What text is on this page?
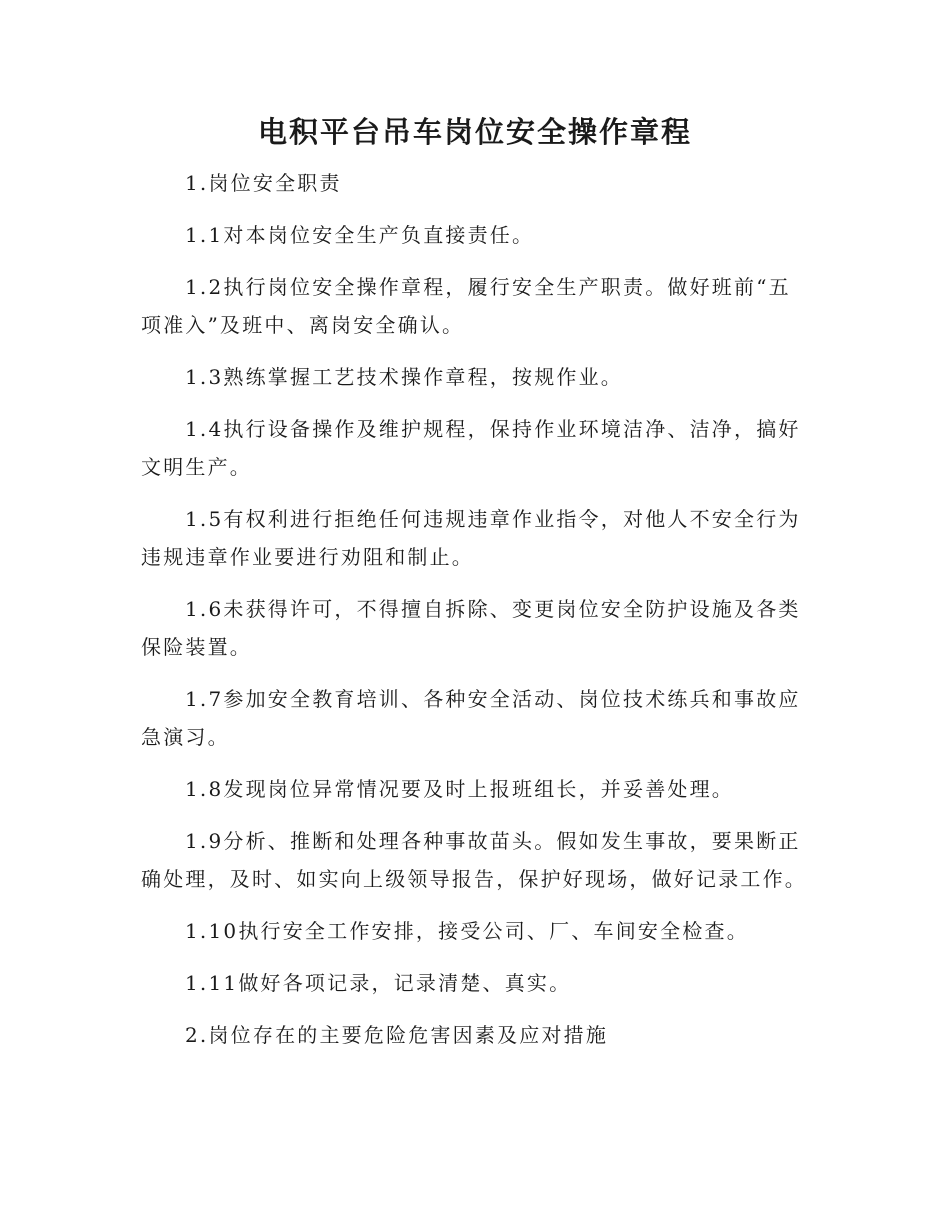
电积平台吊车岗位安全操作章程

1.岗位安全职责

1.1对本岗位安全生产负直接责任。

1.2执行岗位安全操作章程，履行安全生产职责。做好班前“五项准入”及班中、离岗安全确认。

1.3熟练掌握工艺技术操作章程，按规作业。

1.4执行设备操作及维护规程，保持作业环境洁净、洁净，搞好文明生产。

1.5有权利进行拒绝任何违规违章作业指令，对他人不安全行为违规违章作业要进行劝阻和制止。

1.6未获得许可，不得擅自拆除、变更岗位安全防护设施及各类保险装置。

1.7参加安全教育培训、各种安全活动、岗位技术练兵和事故应急演习。

1.8发现岗位异常情况要及时上报班组长，并妥善处理。

1.9分析、推断和处理各种事故苗头。假如发生事故，要果断正确处理，及时、如实向上级领导报告，保护好现场，做好记录工作。

1.10执行安全工作安排，接受公司、厂、车间安全检查。

1.11做好各项记录，记录清楚、真实。

2.岗位存在的主要危险危害因素及应对措施
